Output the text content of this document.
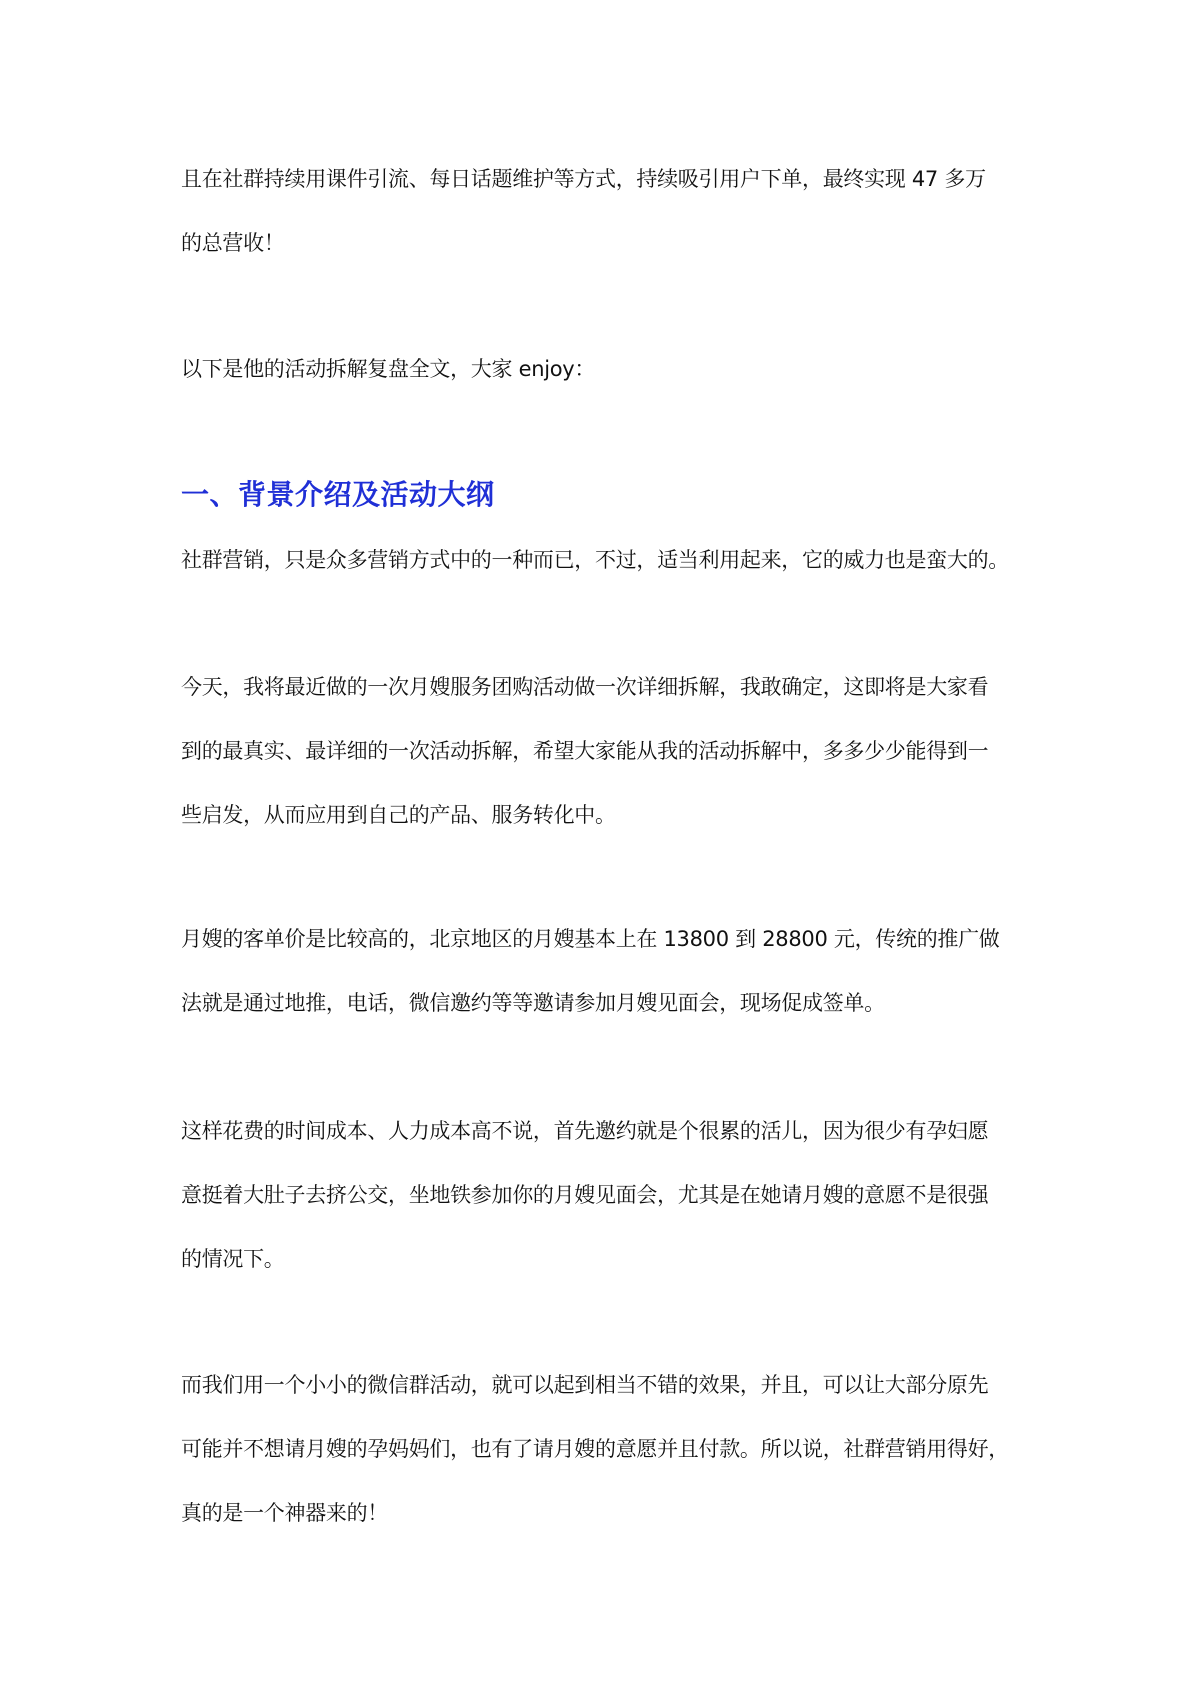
且在社群持续用课件引流、每日话题维护等方式，持续吸引用户下单，最终实现 47 多万
的总营收！
以下是他的活动拆解复盘全文，大家 enjoy：
一、背景介绍及活动大纲
社群营销，只是众多营销方式中的一种而已，不过，适当利用起来，它的威力也是蛮大的。
今天，我将最近做的一次月嫂服务团购活动做一次详细拆解，我敢确定，这即将是大家看
到的最真实、最详细的一次活动拆解，希望大家能从我的活动拆解中，多多少少能得到一
些启发，从而应用到自己的产品、服务转化中。
月嫂的客单价是比较高的，北京地区的月嫂基本上在 13800 到 28800 元，传统的推广做
法就是通过地推，电话，微信邀约等等邀请参加月嫂见面会，现场促成签单。
这样花费的时间成本、人力成本高不说，首先邀约就是个很累的活儿，因为很少有孕妇愿
意挺着大肚子去挤公交，坐地铁参加你的月嫂见面会，尤其是在她请月嫂的意愿不是很强
的情况下。
而我们用一个小小的微信群活动，就可以起到相当不错的效果，并且，可以让大部分原先
可能并不想请月嫂的孕妈妈们，也有了请月嫂的意愿并且付款。所以说，社群营销用得好，
真的是一个神器来的！
